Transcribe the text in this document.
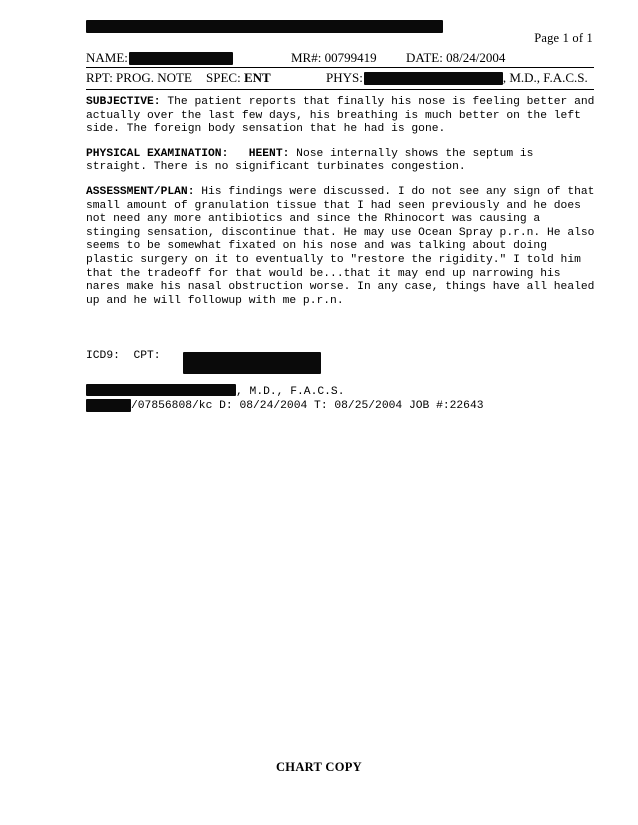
Page 1 of 1
NAME:	MR#: 00799419 DATE: 08/24/2004
RPT: PROG. NOTE SPEC: ENT	PHYS:	, M.D., F.A.C.S.

SUBJECTIVE: The patient reports that finally his nose is feeling better and actually over the last few days, his breathing is much better on the left side. The foreign body sensation that he had is gone.

PHYSICAL EXAMINATION: HEENT: Nose internally shows the septum is straight. There is no significant turbinates congestion.

ASSESSMENT/PLAN: His findings were discussed. I do not see any sign of that small amount of granulation tissue that I had seen previously and he does not need any more antibiotics and since the Rhinocort was causing a stinging sensation, discontinue that. He may use Ocean Spray p.r.n. He also seems to be somewhat fixated on his nose and was talking about doing plastic surgery on it to eventually to "restore the rigidity." I told him that the tradeoff for that would be...that it may end up narrowing his nares make his nasal obstruction worse. In any case, things have all healed up and he will followup with me p.r.n.

ICD9: CPT:
, M.D., F.A.C.S.
/07856808/kc D: 08/24/2004 T: 08/25/2004 JOB #:22643
CHART COPY
